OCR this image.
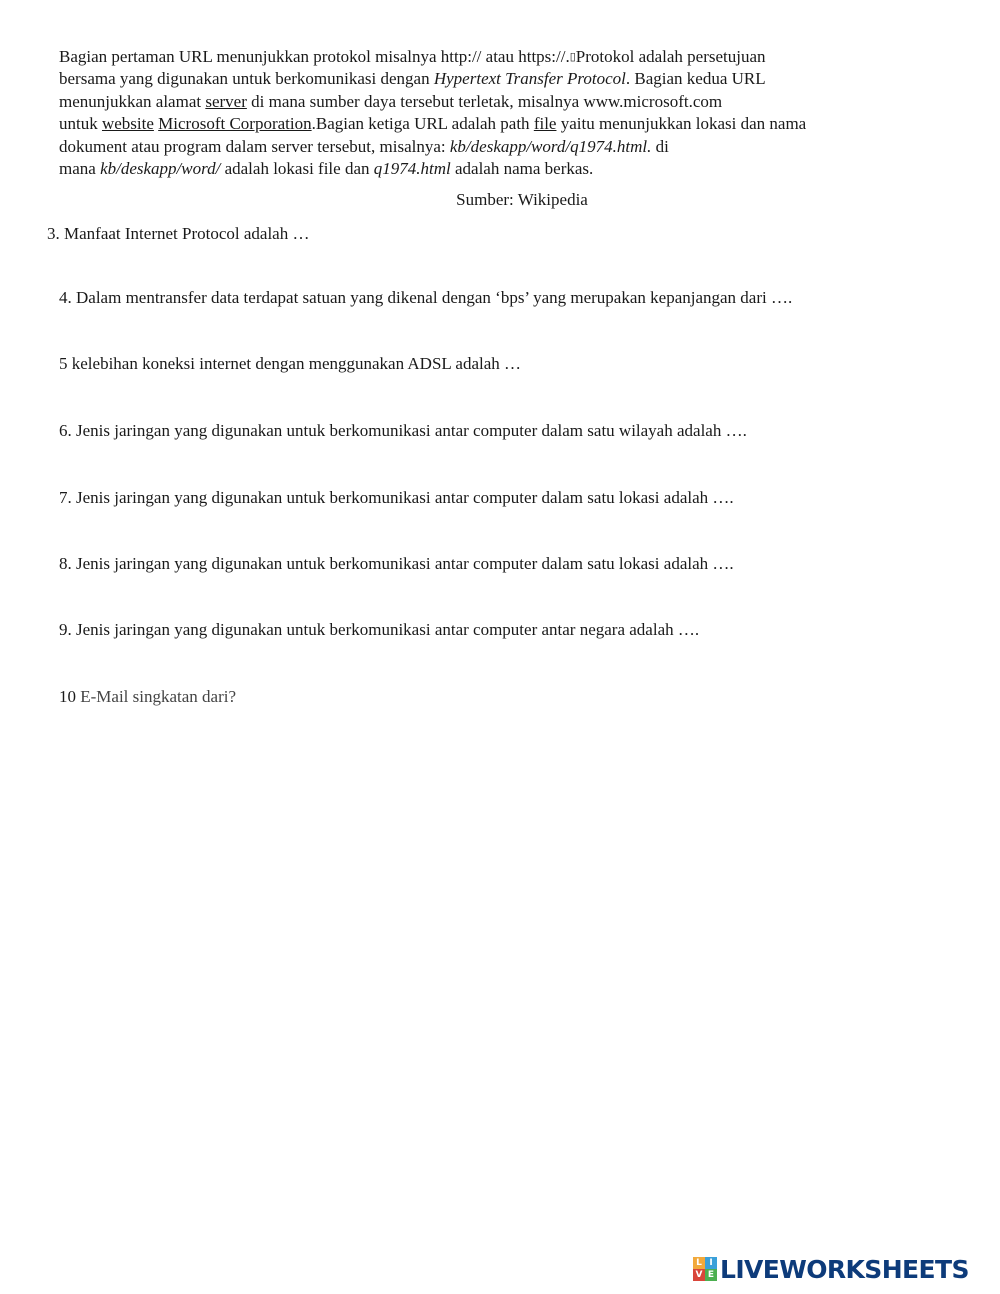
Bagian pertaman URL menunjukkan protokol misalnya http:// atau https://.▯Protokol adalah persetujuan
bersama yang digunakan untuk berkomunikasi dengan Hypertext Transfer Protocol. Bagian kedua URL
menunjukkan alamat server di mana sumber daya tersebut terletak, misalnya www.microsoft.com
untuk website Microsoft Corporation.Bagian ketiga URL adalah path file yaitu menunjukkan lokasi dan nama
dokument atau program dalam server tersebut, misalnya: kb/deskapp/word/q1974.html. di
mana kb/deskapp/word/ adalah lokasi file dan q1974.html adalah nama berkas.
Sumber: Wikipedia
3. Manfaat Internet Protocol adalah …
4. Dalam mentransfer data terdapat satuan yang dikenal dengan ‘bps’ yang merupakan kepanjangan dari ….
5 kelebihan koneksi internet dengan menggunakan ADSL adalah …
6. Jenis jaringan yang digunakan untuk berkomunikasi antar computer dalam satu wilayah adalah ….
7. Jenis jaringan yang digunakan untuk berkomunikasi antar computer dalam satu lokasi adalah ….
8. Jenis jaringan yang digunakan untuk berkomunikasi antar computer dalam satu lokasi adalah ….
9. Jenis jaringan yang digunakan untuk berkomunikasi antar computer antar negara adalah ….
10 E-Mail singkatan dari?
L I
V E LIVEWORKSHEETS
